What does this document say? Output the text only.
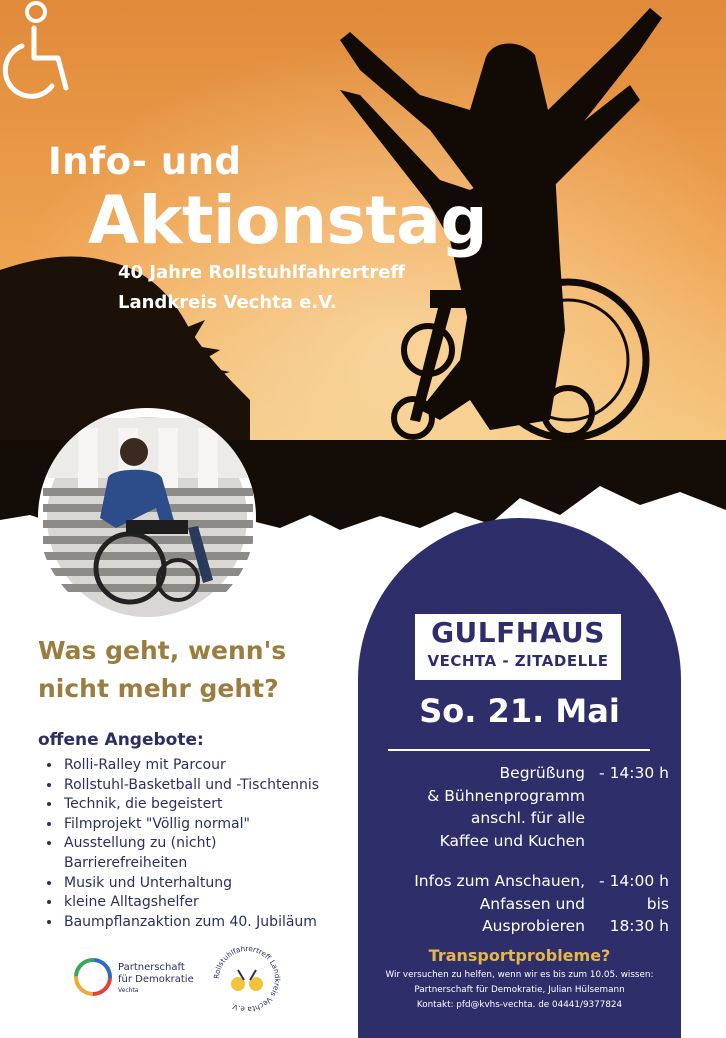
Info- und
Aktionstag
40 Jahre Rollstuhlfahrertreff
Landkreis Vechta e.V.
Was geht, wenn's
nicht mehr geht?
offene Angebote:
• Rolli-Ralley mit Parcour
• Rollstuhl-Basketball und -Tischtennis
• Technik, die begeistert
• Filmprojekt "Völlig normal"
• Ausstellung zu (nicht) Barrierefreiheiten
• Musik und Unterhaltung
• kleine Alltagshelfer
• Baumpflanzaktion zum 40. Jubiläum
GULFHAUS
VECHTA - ZITADELLE
So. 21. Mai
Begrüßung
& Bühnenprogramm
anschl. für alle
Kaffee und Kuchen
- 14:30 h
Infos zum Anschauen,
Anfassen und
Ausprobieren
- 14:00 h
bis
18:30 h
Transportprobleme?
Wir versuchen zu helfen, wenn wir es bis zum 10.05. wissen:
Partnerschaft für Demokratie, Julian Hülsemann
Kontakt: pfd@kvhs-vechta. de 04441/9377824
Partnerschaft
für Demokratie
Vechta
Rollstuhlfahrertreff Landkreis Vechta e.V.
